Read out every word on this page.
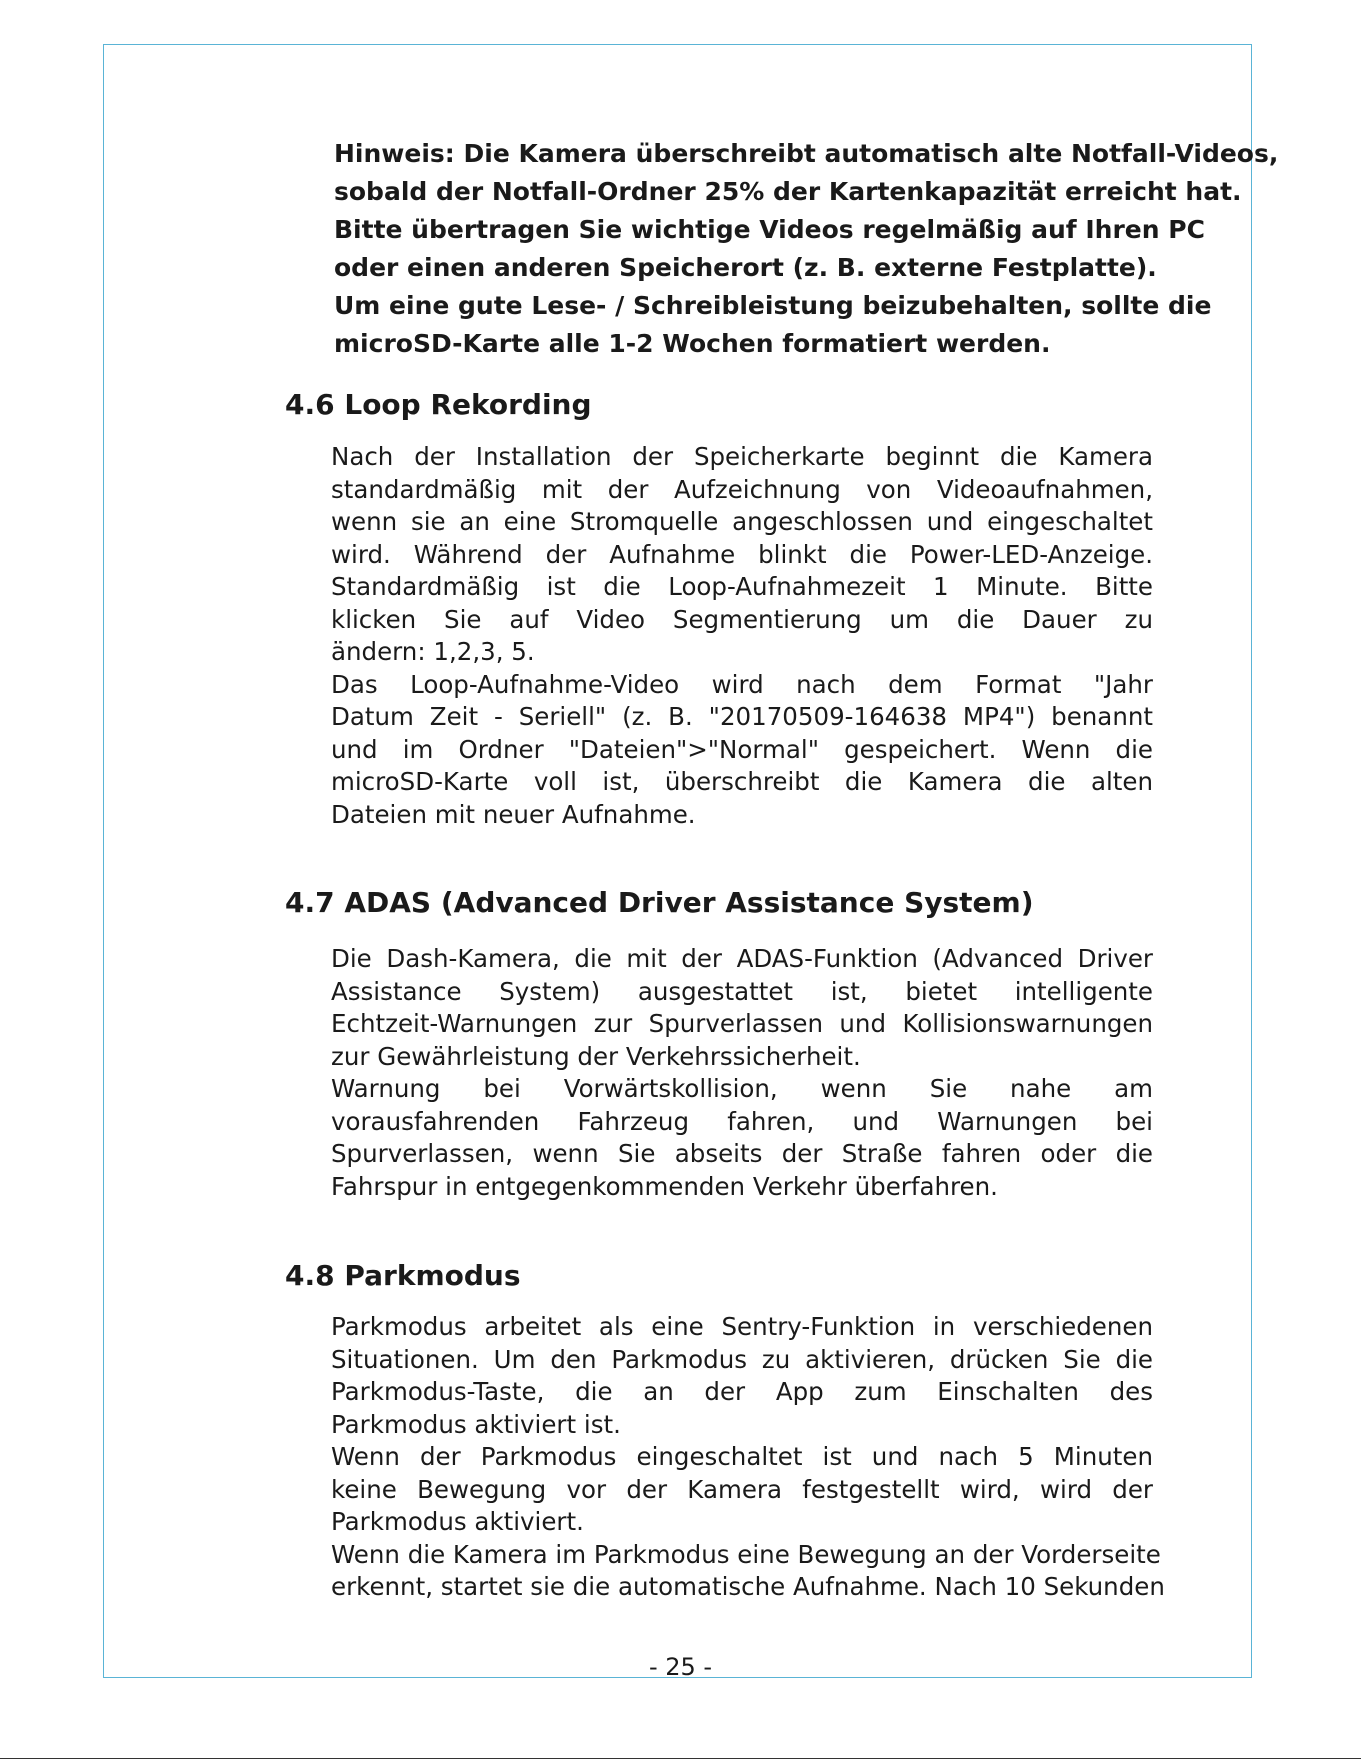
Hinweis: Die Kamera überschreibt automatisch alte Notfall-Videos,
sobald der Notfall-Ordner 25% der Kartenkapazität erreicht hat.
Bitte übertragen Sie wichtige Videos regelmäßig auf Ihren PC
oder einen anderen Speicherort (z. B. externe Festplatte).
Um eine gute Lese- / Schreibleistung beizubehalten, sollte die
microSD-Karte alle 1-2 Wochen formatiert werden.
4.6 Loop Rekording
Nach der Installation der Speicherkarte beginnt die Kamera
standardmäßig mit der Aufzeichnung von Videoaufnahmen,
wenn sie an eine Stromquelle angeschlossen und eingeschaltet
wird. Während der Aufnahme blinkt die Power-LED-Anzeige.
Standardmäßig ist die Loop-Aufnahmezeit 1 Minute. Bitte
klicken Sie auf Video Segmentierung um die Dauer zu
ändern: 1,2,3, 5.
Das Loop-Aufnahme-Video wird nach dem Format "Jahr
Datum Zeit - Seriell" (z. B. "20170509-164638 MP4") benannt
und im Ordner "Dateien">"Normal" gespeichert. Wenn die
microSD-Karte voll ist, überschreibt die Kamera die alten
Dateien mit neuer Aufnahme.
4.7 ADAS (Advanced Driver Assistance System)
Die Dash-Kamera, die mit der ADAS-Funktion (Advanced Driver
Assistance System) ausgestattet ist, bietet intelligente
Echtzeit-Warnungen zur Spurverlassen und Kollisionswarnungen
zur Gewährleistung der Verkehrssicherheit.
Warnung bei Vorwärtskollision, wenn Sie nahe am
vorausfahrenden Fahrzeug fahren, und Warnungen bei
Spurverlassen, wenn Sie abseits der Straße fahren oder die
Fahrspur in entgegenkommenden Verkehr überfahren.
4.8 Parkmodus
Parkmodus arbeitet als eine Sentry-Funktion in verschiedenen
Situationen. Um den Parkmodus zu aktivieren, drücken Sie die
Parkmodus-Taste, die an der App zum Einschalten des
Parkmodus aktiviert ist.
Wenn der Parkmodus eingeschaltet ist und nach 5 Minuten
keine Bewegung vor der Kamera festgestellt wird, wird der
Parkmodus aktiviert.
Wenn die Kamera im Parkmodus eine Bewegung an der Vorderseite
erkennt, startet sie die automatische Aufnahme. Nach 10 Sekunden
- 25 -
